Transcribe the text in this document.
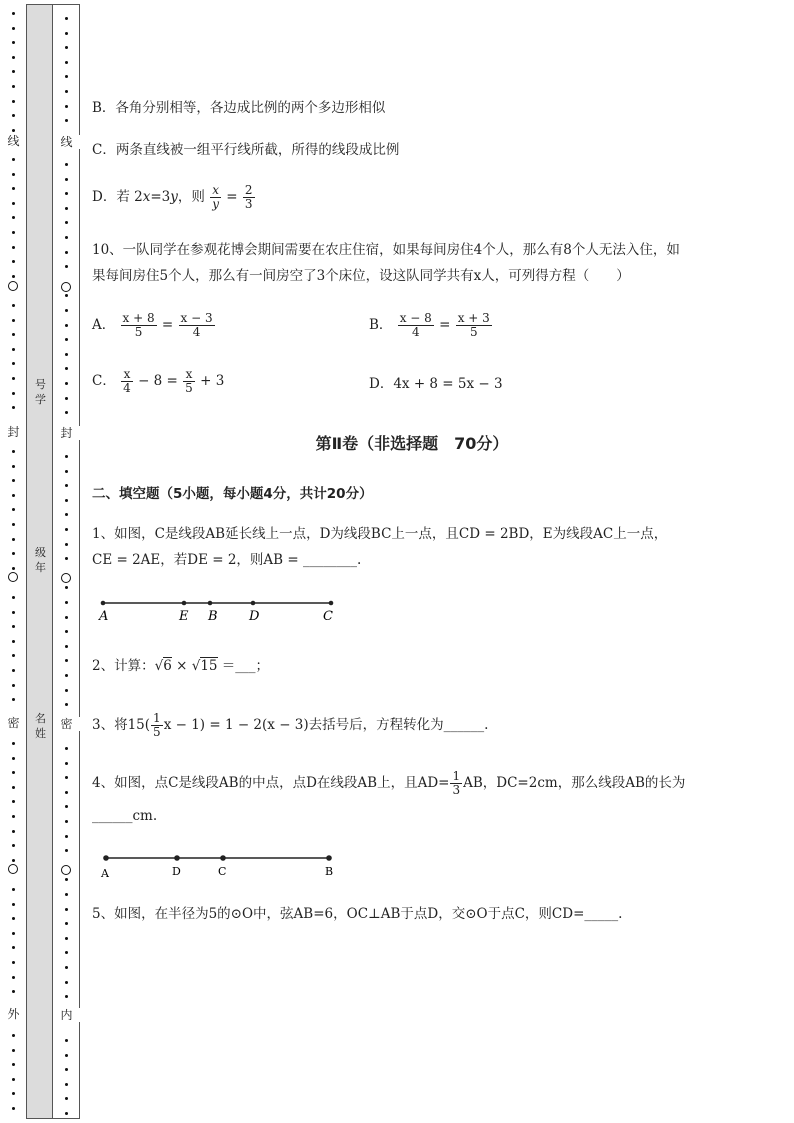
线
封
密
外
号学
级年
名姓
线
封
密
内
B．各角分别相等，各边成比例的两个多边形相似
C．两条直线被一组平行线所截，所得的线段成比例
D．若 2x=3y，则 $\frac{x}{y} = \frac{2}{3}$
10、一队同学在参观花博会期间需要在农庄住宿，如果每间房住4个人，那么有8个人无法入住，如
果每间房住5个人，那么有一间房空了3个床位，设这队同学共有x人，可列得方程（　　）
A． $\frac{x + 8}{5} = \frac{x - 3}{4}$	B． $\frac{x - 8}{4} = \frac{x + 3}{5}$
C． $\frac{x}{4} - 8 = \frac{x}{5} + 3$	D．4x + 8 = 5x − 3
第Ⅱ卷（非选择题　70分）
二、填空题（5小题，每小题4分，共计20分）
1、如图，C是线段AB延长线上一点，D为线段BC上一点，且CD = 2BD，E为线段AC上一点，
CE = 2AE，若DE = 2，则AB = ________.
A	E B D	C
2、计算：√6 × √15 ＝___；
3、将$15( \frac{1}{5}$ x − 1) = 1 − 2(x − 3)去括号后，方程转化为______.
4、如图，点C是线段AB的中点，点D在线段AB上，且$AD= \frac{1}{3}$ AB，DC=2cm，那么线段AB的长为
______cm.
A	D	C	B
5、如图，在半径为5的⊙O中，弦AB=6，OC⊥AB于点D，交⊙O于点C，则CD=_____.
